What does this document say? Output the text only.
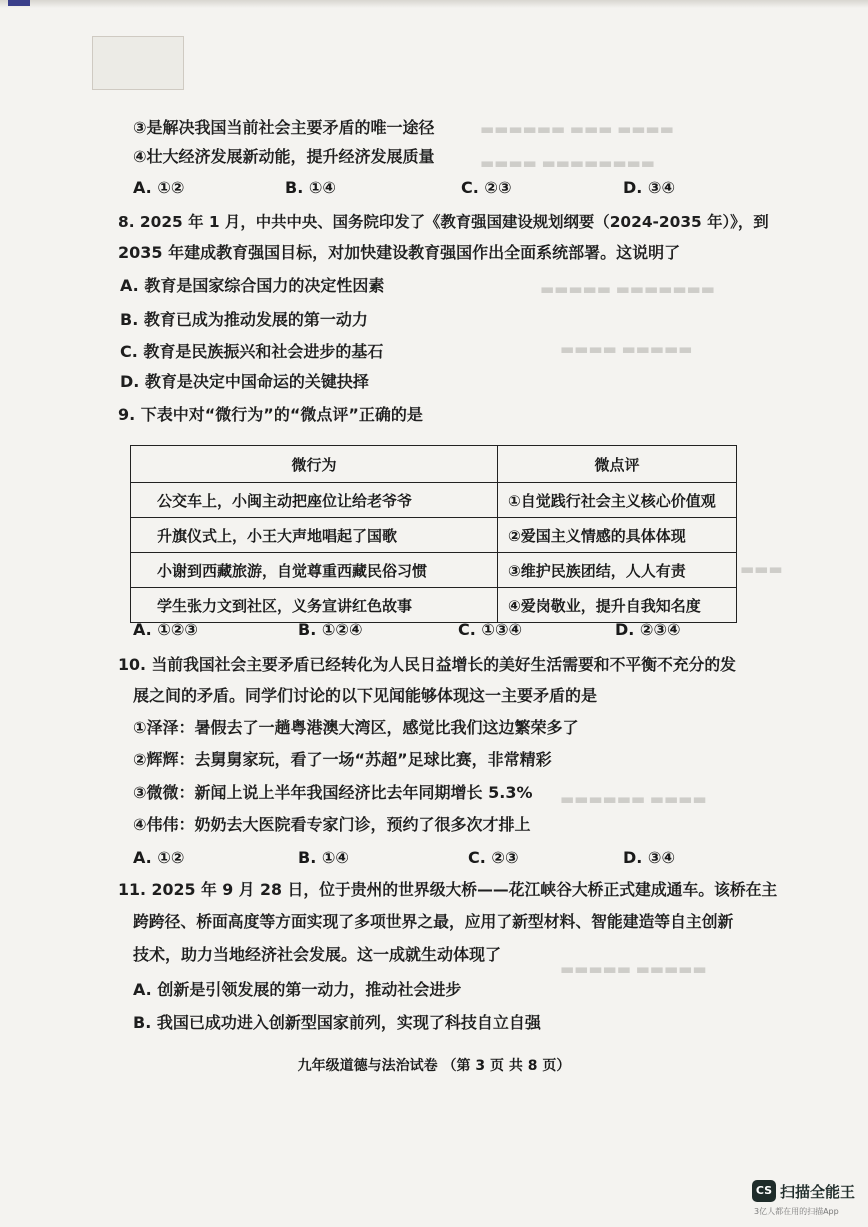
▬▬▬▬▬▬ ▬▬▬ ▬▬▬▬
▬▬▬▬ ▬▬▬▬▬▬▬▬
▬▬▬▬▬ ▬▬▬▬▬▬▬
▬▬▬▬ ▬▬▬▬▬
▬▬▬
▬▬▬▬▬▬ ▬▬▬▬
▬▬▬▬▬ ▬▬▬▬▬
③是解决我国当前社会主要矛盾的唯一途径
④壮大经济发展新动能，提升经济发展质量
A. ①②	B. ①④	C. ②③	D. ③④
8. 2025 年 1 月，中共中央、国务院印发了《教育强国建设规划纲要（2024-2035 年）》，到
2035 年建成教育强国目标，对加快建设教育强国作出全面系统部署。这说明了
A. 教育是国家综合国力的决定性因素
B. 教育已成为推动发展的第一动力
C. 教育是民族振兴和社会进步的基石
D. 教育是决定中国命运的关键抉择
9. 下表中对“微行为”的“微点评”正确的是
微行为	微点评
公交车上，小闽主动把座位让给老爷爷	①自觉践行社会主义核心价值观
升旗仪式上，小王大声地唱起了国歌	②爱国主义情感的具体体现
小谢到西藏旅游，自觉尊重西藏民俗习惯	③维护民族团结，人人有责
学生张力文到社区，义务宣讲红色故事	④爱岗敬业，提升自我知名度
A. ①②③	B. ①②④	C. ①③④	D. ②③④
10. 当前我国社会主要矛盾已经转化为人民日益增长的美好生活需要和不平衡不充分的发
展之间的矛盾。同学们讨论的以下见闻能够体现这一主要矛盾的是
①泽泽：暑假去了一趟粤港澳大湾区，感觉比我们这边繁荣多了
②辉辉：去舅舅家玩，看了一场“苏超”足球比赛，非常精彩
③微微：新闻上说上半年我国经济比去年同期增长 5.3%
④伟伟：奶奶去大医院看专家门诊，预约了很多次才排上
A. ①②	B. ①④	C. ②③	D. ③④
11. 2025 年 9 月 28 日，位于贵州的世界级大桥——花江峡谷大桥正式建成通车。该桥在主
跨跨径、桥面高度等方面实现了多项世界之最，应用了新型材料、智能建造等自主创新
技术，助力当地经济社会发展。这一成就生动体现了
A. 创新是引领发展的第一动力，推动社会进步
B. 我国已成功进入创新型国家前列，实现了科技自立自强
九年级道德与法治试卷 （第 3 页 共 8 页）
CS 扫描全能王
3亿人都在用的扫描App
